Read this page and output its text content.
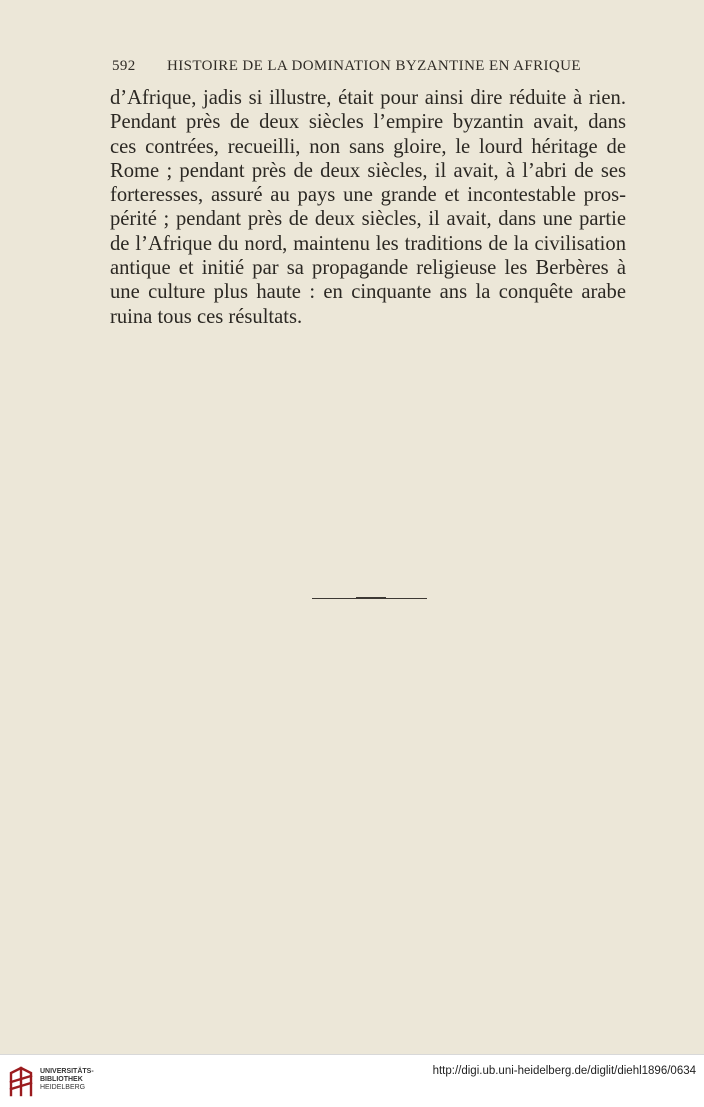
592 HISTOIRE DE LA DOMINATION BYZANTINE EN AFRIQUE
d’Afrique, jadis si illustre, était pour ainsi dire réduite à rien.
Pendant près de deux siècles l’empire byzantin avait, dans
ces contrées, recueilli, non sans gloire, le lourd héritage de
Rome ; pendant près de deux siècles, il avait, à l’abri de ses
forteresses, assuré au pays une grande et incontestable pros-
périté ; pendant près de deux siècles, il avait, dans une partie
de l’Afrique du nord, maintenu les traditions de la civilisation
antique et initié par sa propagande religieuse les Berbères à
une culture plus haute : en cinquante ans la conquête arabe
ruina tous ces résultats.
UNIVERSITÄTS-
BIBLIOTHEK
HEIDELBERG
http://digi.ub.uni-heidelberg.de/diglit/diehl1896/0634
